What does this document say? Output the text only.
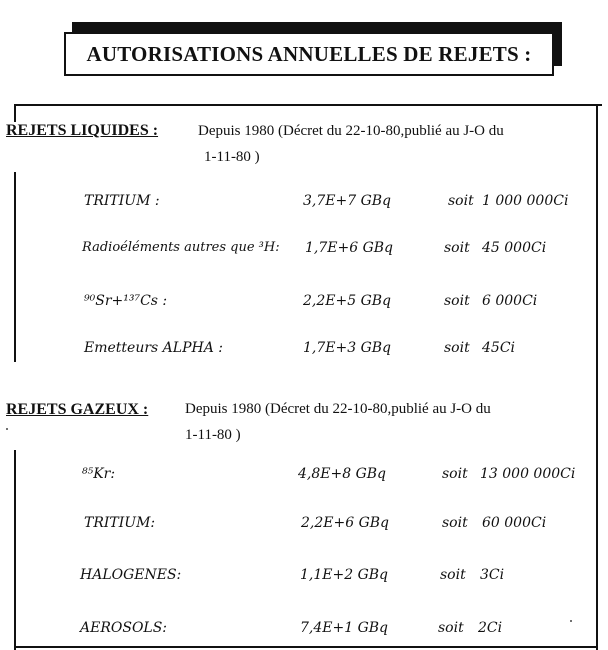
AUTORISATIONS ANNUELLES DE REJETS :
REJETS LIQUIDES :	Depuis 1980 (Décret du 22-10-80,publié au J-O du
1-11-80 )
TRITIUM :	3,7E+7 GBq	soit 1 000 000Ci
Radioéléments autres que ³H: 1,7E+6 GBq	soit 45 000Ci
⁹⁰Sr+¹³⁷Cs :	2,2E+5 GBq	soit 6 000Ci
Emetteurs ALPHA :	1,7E+3 GBq	soit 45Ci
REJETS GAZEUX : Depuis 1980 (Décret du 22-10-80,publié au J-O du
1-11-80 )
⁸⁵Kr:	4,8E+8 GBq	soit 13 000 000Ci
TRITIUM:	2,2E+6 GBq	soit 60 000Ci
HALOGENES:	1,1E+2 GBq	soit 3Ci
AEROSOLS:	7,4E+1 GBq	soit 2Ci
